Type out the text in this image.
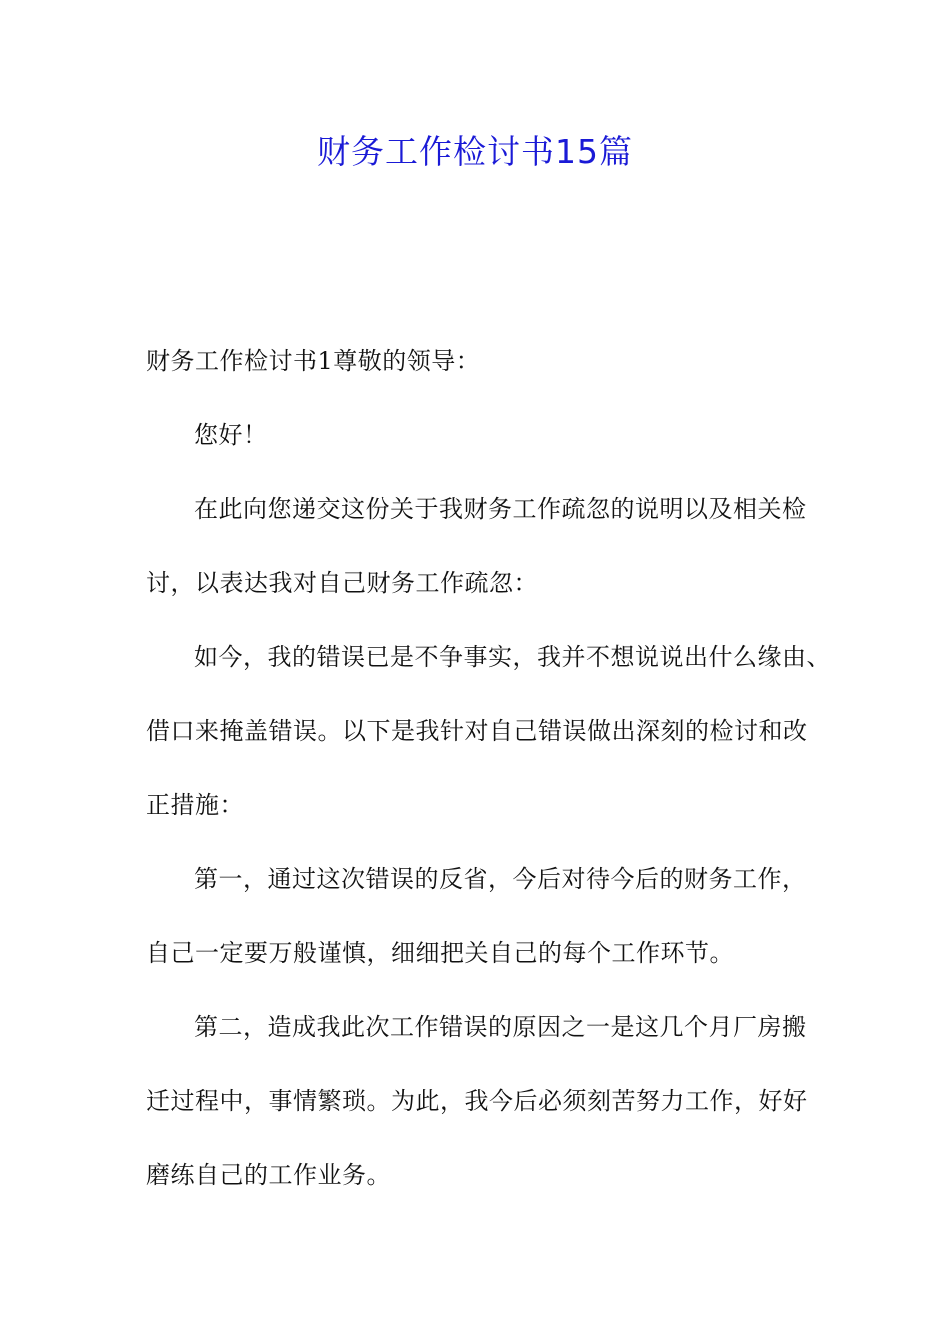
财务工作检讨书15篇
财务工作检讨书1尊敬的领导：
您好！
在此向您递交这份关于我财务工作疏忽的说明以及相关检
讨，以表达我对自己财务工作疏忽：
如今，我的错误已是不争事实，我并不想说说出什么缘由、
借口来掩盖错误。以下是我针对自己错误做出深刻的检讨和改
正措施：
第一，通过这次错误的反省，今后对待今后的财务工作，
自己一定要万般谨慎，细细把关自己的每个工作环节。
第二，造成我此次工作错误的原因之一是这几个月厂房搬
迁过程中，事情繁琐。为此，我今后必须刻苦努力工作，好好
磨练自己的工作业务。
